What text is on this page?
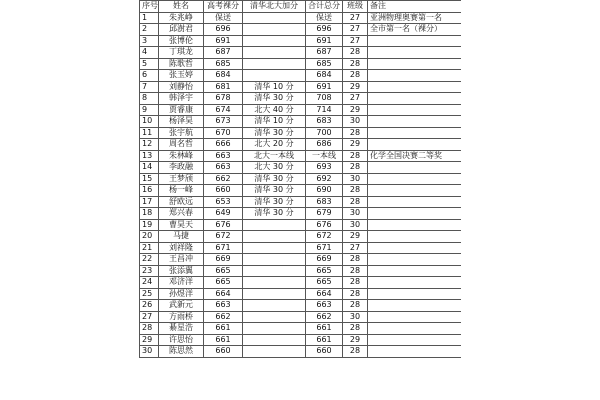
序号	姓名	高考裸分	清华北大加分	合计总分	班级	备注
1	朱兆峥	保送		保送	27	亚洲物理奥赛第一名
2	邱澍君	696		696	27	全市第一名（裸分）
3	张博伦	691		691	27	
4	丁琪龙	687		687	28	
5	陈歌哲	685		685	28	
6	张玉婷	684		684	28	
7	刘静怡	681	清华 10 分	691	29	
8	韩泽宇	678	清华 30 分	708	27	
9	贾睿康	674	北大 40 分	714	29	
10	杨泽昊	673	清华 10 分	683	30	
11	张宇航	670	清华 30 分	700	28	
12	周名哲	666	北大 20 分	686	29	
13	朱林峰	663	北大一本线	一本线	28	化学全国决赛二等奖
14	李政融	663	北大 30 分	693	28	
15	王梦颀	662	清华 30 分	692	30	
16	杨一峰	660	清华 30 分	690	28	
17	舒欧远	653	清华 30 分	683	28	
18	郑兴春	649	清华 30 分	679	30	
19	曹昊天	676		676	30	
20	马捷	672		672	29	
21	刘祥隆	671		671	27	
22	王昌冲	669		669	28	
23	张添翼	665		665	28	
24	邓济洋	665		665	28	
25	孙煜洋	664		664	28	
26	武新元	663		663	28	
27	方雨桥	662		662	30	
28	綦星浩	661		661	28	
29	许思怡	661		661	29	
30	陈思然	660		660	28	
